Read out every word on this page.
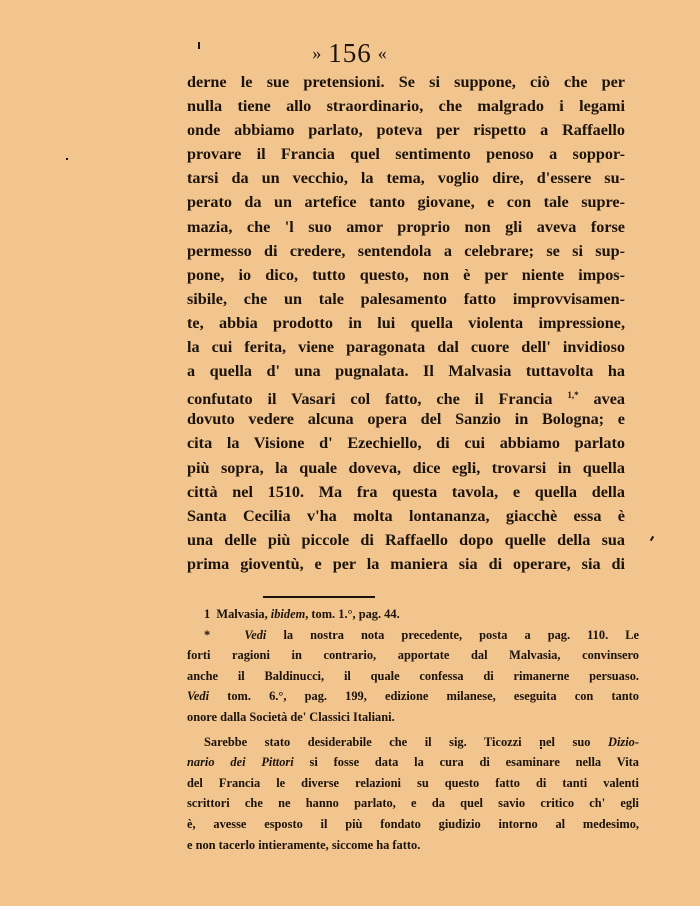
» 156 «
derne le sue pretensioni. Se si suppone, ciò che per
nulla tiene allo straordinario, che malgrado i legami
onde abbiamo parlato, poteva per rispetto a Raffaello
provare il Francia quel sentimento penoso a soppor-
tarsi da un vecchio, la tema, voglio dire, d'essere su-
perato da un artefice tanto giovane, e con tale supre-
mazia, che 'l suo amor proprio non gli aveva forse
permesso di credere, sentendola a celebrare; se si sup-
pone, io dico, tutto questo, non è per niente impos-
sibile, che un tale palesamento fatto improvvisamen-
te, abbia prodotto in lui quella violenta impressione,
la cui ferita, viene paragonata dal cuore dell' invidioso
a quella d' una pugnalata. Il Malvasia tuttavolta ha
confutato il Vasari col fatto, che il Francia $^{1,*}$ avea
dovuto vedere alcuna opera del Sanzio in Bologna; e
cita la Visione d' Ezechiello, di cui abbiamo parlato
più sopra, la quale doveva, dice egli, trovarsi in quella
città nel 1510. Ma fra questa tavola, e quella della
Santa Cecilia v'ha molta lontananza, giacchè essa è
una delle più piccole di Raffaello dopo quelle della sua
prima gioventù, e per la maniera sia di operare, sia di
1 Malvasia, ibidem, tom. 1.°, pag. 44.
*	Vedi la nostra nota precedente, posta a pag. 110. Le
forti ragioni in contrario, apportate dal Malvasia, convinsero
anche il Baldinucci, il quale confessa di rimanerne persuaso.
Vedi tom. 6.°, pag. 199, edizione milanese, eseguita con tanto
onore dalla Società de' Classici Italiani.
Sarebbe stato desiderabile che il sig. Ticozzi nel suo Dizio-
nario dei Pittori si fosse data la cura di esaminare nella Vita
del Francia le diverse relazioni su questo fatto di tanti valenti
scrittori che ne hanno parlato, e da quel savio critico ch' egli
è, avesse esposto il più fondato giudizio intorno al medesimo,
e non tacerlo intieramente, siccome ha fatto.
